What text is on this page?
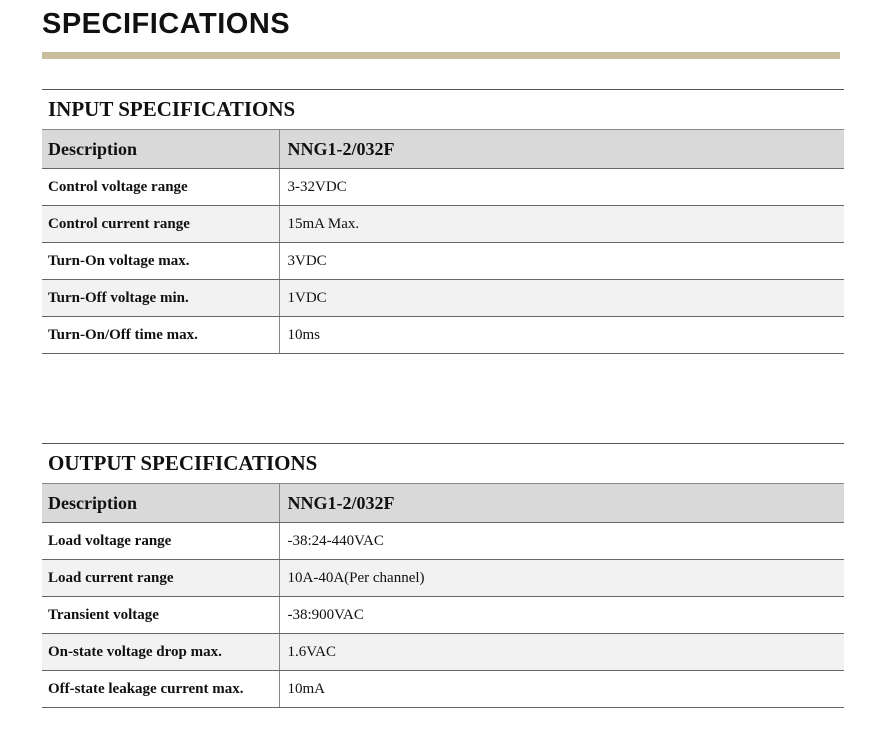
SPECIFICATIONS
INPUT SPECIFICATIONS
Description	NNG1-2/032F
Control voltage range	3-32VDC
Control current range	15mA Max.
Turn-On voltage max.	3VDC
Turn-Off voltage min.	1VDC
Turn-On/Off time max.	10ms
OUTPUT SPECIFICATIONS
Description	NNG1-2/032F
Load voltage range	-38:24-440VAC
Load current range	10A-40A(Per channel)
Transient voltage	-38:900VAC
On-state voltage drop max.	1.6VAC
Off-state leakage current max.	10mA
